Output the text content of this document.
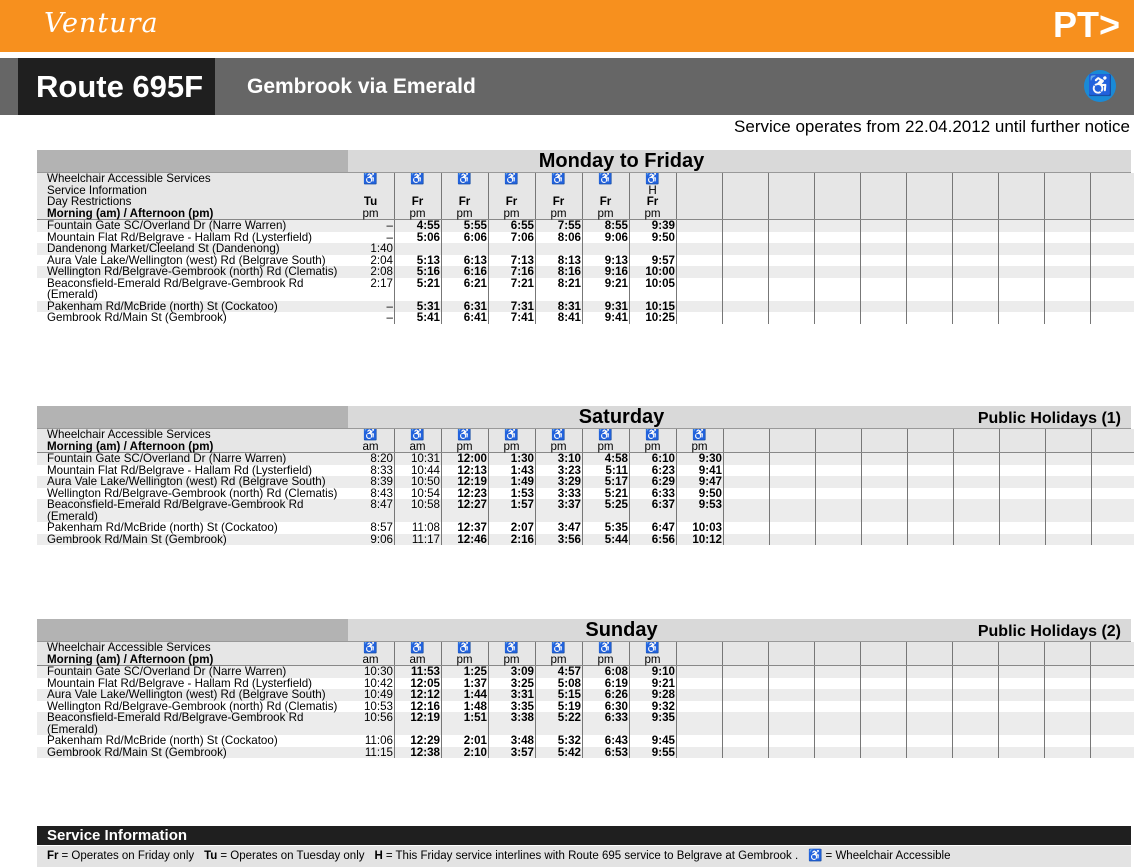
Ventura	PT>
Route 695F	Gembrook via Emerald	♿
Service operates from 22.04.2012 until further notice
Monday to Friday
Wheelchair Accessible Services	♿	♿	♿	♿	♿	♿	♿										
Service Information							H										
Day Restrictions	Tu	Fr	Fr	Fr	Fr	Fr	Fr										
Morning (am) / Afternoon (pm)	pm	pm	pm	pm	pm	pm	pm										
Fountain Gate SC/Overland Dr (Narre Warren)	–	4:55	5:55	6:55	7:55	8:55	9:39										
Mountain Flat Rd/Belgrave - Hallam Rd (Lysterfield)	–	5:06	6:06	7:06	8:06	9:06	9:50										
Dandenong Market/Cleeland St (Dandenong)	1:40																
Aura Vale Lake/Wellington (west) Rd (Belgrave South)	2:04	5:13	6:13	7:13	8:13	9:13	9:57										
Wellington Rd/Belgrave-Gembrook (north) Rd (Clematis)	2:08	5:16	6:16	7:16	8:16	9:16	10:00										
Beaconsfield-Emerald Rd/Belgrave-Gembrook Rd (Emerald)	2:17	5:21	6:21	7:21	8:21	9:21	10:05										
Pakenham Rd/McBride (north) St (Cockatoo)	–	5:31	6:31	7:31	8:31	9:31	10:15										
Gembrook Rd/Main St (Gembrook)	–	5:41	6:41	7:41	8:41	9:41	10:25										
Saturday	Public Holidays (1)
Wheelchair Accessible Services	♿	♿	♿	♿	♿	♿	♿	♿									
Morning (am) / Afternoon (pm)	am	am	pm	pm	pm	pm	pm	pm									
Fountain Gate SC/Overland Dr (Narre Warren)	8:20	10:31	12:00	1:30	3:10	4:58	6:10	9:30									
Mountain Flat Rd/Belgrave - Hallam Rd (Lysterfield)	8:33	10:44	12:13	1:43	3:23	5:11	6:23	9:41									
Aura Vale Lake/Wellington (west) Rd (Belgrave South)	8:39	10:50	12:19	1:49	3:29	5:17	6:29	9:47									
Wellington Rd/Belgrave-Gembrook (north) Rd (Clematis)	8:43	10:54	12:23	1:53	3:33	5:21	6:33	9:50									
Beaconsfield-Emerald Rd/Belgrave-Gembrook Rd (Emerald)	8:47	10:58	12:27	1:57	3:37	5:25	6:37	9:53									
Pakenham Rd/McBride (north) St (Cockatoo)	8:57	11:08	12:37	2:07	3:47	5:35	6:47	10:03									
Gembrook Rd/Main St (Gembrook)	9:06	11:17	12:46	2:16	3:56	5:44	6:56	10:12									
Sunday	Public Holidays (2)
Wheelchair Accessible Services	♿	♿	♿	♿	♿	♿	♿										
Morning (am) / Afternoon (pm)	am	am	pm	pm	pm	pm	pm										
Fountain Gate SC/Overland Dr (Narre Warren)	10:30	11:53	1:25	3:09	4:57	6:08	9:10										
Mountain Flat Rd/Belgrave - Hallam Rd (Lysterfield)	10:42	12:05	1:37	3:25	5:08	6:19	9:21										
Aura Vale Lake/Wellington (west) Rd (Belgrave South)	10:49	12:12	1:44	3:31	5:15	6:26	9:28										
Wellington Rd/Belgrave-Gembrook (north) Rd (Clematis)	10:53	12:16	1:48	3:35	5:19	6:30	9:32										
Beaconsfield-Emerald Rd/Belgrave-Gembrook Rd (Emerald)	10:56	12:19	1:51	3:38	5:22	6:33	9:35										
Pakenham Rd/McBride (north) St (Cockatoo)	11:06	12:29	2:01	3:48	5:32	6:43	9:45										
Gembrook Rd/Main St (Gembrook)	11:15	12:38	2:10	3:57	5:42	6:53	9:55										
Service Information
Fr = Operates on Friday only Tu = Operates on Tuesday only H = This Friday service interlines with Route 695 service to Belgrave at Gembrook . ♿ = Wheelchair Accessible
